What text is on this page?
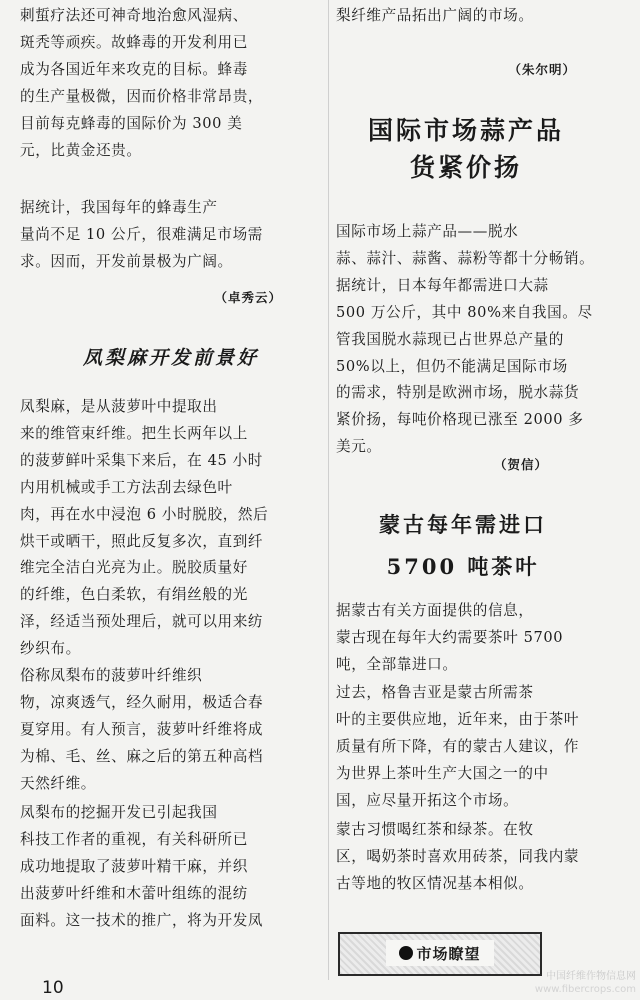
刺蜇疗法还可神奇地治愈风湿病、
斑秃等顽疾。故蜂毒的开发利用已
成为各国近年来攻克的目标。蜂毒
的生产量极微，因而价格非常昂贵，
目前每克蜂毒的国际价为 300 美
元，比黄金还贵。

据统计，我国每年的蜂毒生产
量尚不足 10 公斤，很难满足市场需
求。因而，开发前景极为广阔。

（卓秀云）

凤梨麻开发前景好

凤梨麻，是从菠萝叶中提取出
来的维管束纤维。把生长两年以上
的菠萝鲜叶采集下来后，在 45 小时
内用机械或手工方法刮去绿色叶
肉，再在水中浸泡 6 小时脱胶，然后
烘干或晒干，照此反复多次，直到纤
维完全洁白光亮为止。脱胶质量好
的纤维，色白柔软，有绢丝般的光
泽，经适当预处理后，就可以用来纺
纱织布。

俗称凤梨布的菠萝叶纤维织
物，凉爽透气，经久耐用，极适合春
夏穿用。有人预言，菠萝叶纤维将成
为棉、毛、丝、麻之后的第五种高档
天然纤维。

凤梨布的挖掘开发已引起我国
科技工作者的重视，有关科研所已
成功地提取了菠萝叶精干麻，并织
出菠萝叶纤维和木蕾叶组练的混纺
面料。这一技术的推广，将为开发凤

梨纤维产品拓出广阔的市场。

（朱尔明）

国际市场蒜产品
货紧价扬

国际市场上蒜产品——脱水
蒜、蒜汁、蒜酱、蒜粉等都十分畅销。
据统计，日本每年都需进口大蒜
500 万公斤，其中 80%来自我国。尽
管我国脱水蒜现已占世界总产量的
50%以上，但仍不能满足国际市场
的需求，特别是欧洲市场，脱水蒜货
紧价扬，每吨价格现已涨至 2000 多
美元。

（贺信）

蒙古每年需进口
5700 吨茶叶

据蒙古有关方面提供的信息，
蒙古现在每年大约需要茶叶 5700
吨，全部靠进口。

过去，格鲁吉亚是蒙古所需茶
叶的主要供应地，近年来，由于茶叶
质量有所下降，有的蒙古人建议，作
为世界上茶叶生产大国之一的中
国，应尽量开拓这个市场。

蒙古习惯喝红茶和绿茶。在牧
区，喝奶茶时喜欢用砖茶，同我内蒙
古等地的牧区情况基本相似。

市场瞭望
10
中国纤维作物信息网
www.fibercrops.com
